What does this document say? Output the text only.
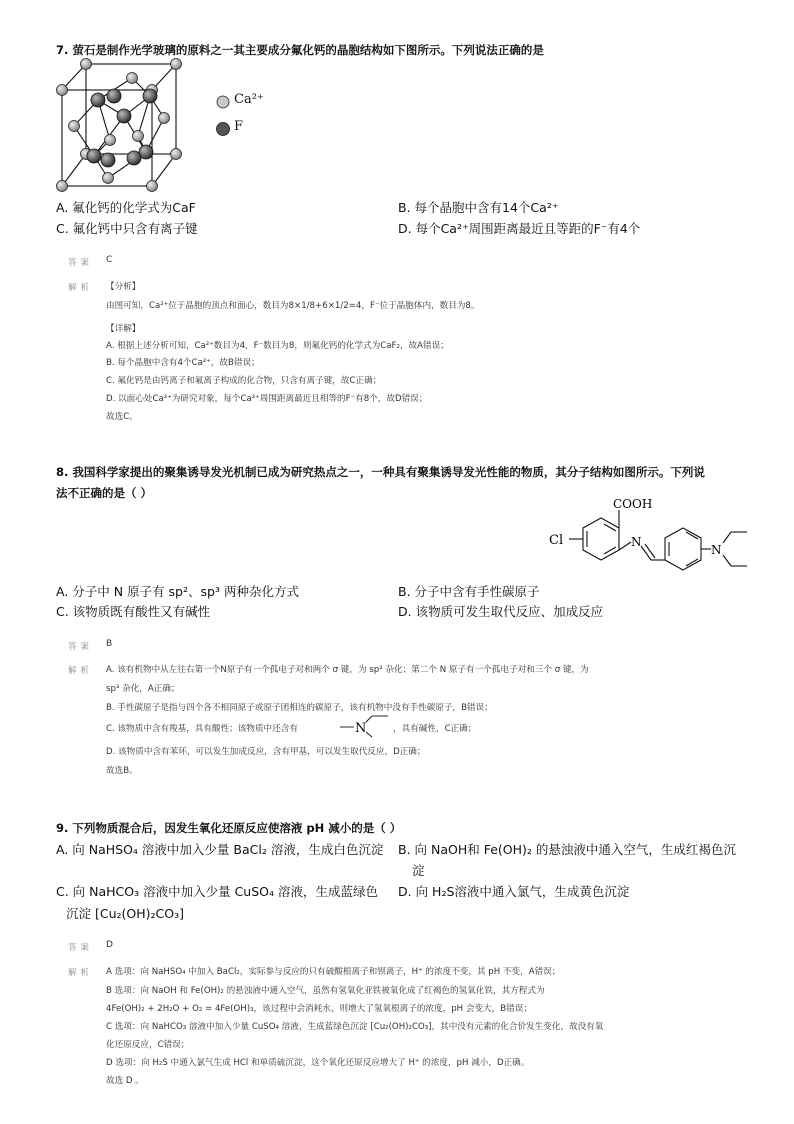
7. 萤石是制作光学玻璃的原料之一其主要成分氟化钙的晶胞结构如下图所示。下列说法正确的是
Ca²⁺
F
A. 氟化钙的化学式为CaF	B. 每个晶胞中含有14个Ca²⁺
C. 氟化钙中只含有离子键	D. 每个Ca²⁺周围距离最近且等距的F⁻有4个
答案 C
解析 【分析】
由图可知，Ca²⁺位于晶胞的顶点和面心，数目为8×1/8+6×1/2=4，F⁻位于晶胞体内，数目为8。
【详解】
A. 根据上述分析可知，Ca²⁺数目为4，F⁻数目为8，则氟化钙的化学式为CaF₂，故A错误；
B. 每个晶胞中含有4个Ca²⁺，故B错误；
C. 氟化钙是由钙离子和氟离子构成的化合物，只含有离子键，故C正确；
D. 以面心处Ca²⁺为研究对象，每个Ca²⁺周围距离最近且相等的F⁻有8个，故D错误；
故选C。
8. 我国科学家提出的聚集诱导发光机制已成为研究热点之一，一种具有聚集诱导发光性能的物质，其分子结构如图所示。下列说
法不正确的是（ ）
COOH
Cl	N
N
A. 分子中 N 原子有 sp²、sp³ 两种杂化方式	B. 分子中含有手性碳原子
C. 该物质既有酸性又有碱性	D. 该物质可发生取代反应、加成反应
答案 B
解析 A. 该有机物中从左往右第一个N原子有一个孤电子对和两个 σ 键，为 sp² 杂化；第二个 N 原子有一个孤电子对和三个 σ 键，为
sp³ 杂化，A正确；
B. 手性碳原子是指与四个各不相同原子或原子团相连的碳原子，该有机物中没有手性碳原子，B错误；
C. 该物质中含有羧基，具有酸性；该物质中还含有	N	，具有碱性，C正确；
D. 该物质中含有苯环，可以发生加成反应，含有甲基，可以发生取代反应，D正确；
故选B。
9. 下列物质混合后，因发生氧化还原反应使溶液 pH 减小的是（ ）
A. 向 NaHSO₄ 溶液中加入少量 BaCl₂ 溶液，生成白色沉淀 B. 向 NaOH和 Fe(OH)₂ 的悬浊液中通入空气，生成红褐色沉
淀
C. 向 NaHCO₃ 溶液中加入少量 CuSO₄ 溶液，生成蓝绿色 D. 向 H₂S溶液中通入氯气，生成黄色沉淀
沉淀 [Cu₂(OH)₂CO₃]
答案 D
解析 A 选项：向 NaHSO₄ 中加入 BaCl₂，实际参与反应的只有硫酸根离子和钡离子，H⁺ 的浓度不变，其 pH 不变，A错误；
B 选项：向 NaOH 和 Fe(OH)₂ 的悬浊液中通入空气，虽然有氢氧化亚铁被氧化成了红褐色的氢氧化铁，其方程式为
4Fe(OH)₂ + 2H₂O + O₂ = 4Fe(OH)₃，该过程中会消耗水，则增大了氢氧根离子的浓度，pH 会变大，B错误；
C 选项：向 NaHCO₃ 溶液中加入少量 CuSO₄ 溶液，生成蓝绿色沉淀 [Cu₂(OH)₂CO₃]，其中没有元素的化合价发生变化，故没有氧
化还原反应，C错误；
D 选项：向 H₂S 中通入氯气生成 HCl 和单质硫沉淀，这个氧化还原反应增大了 H⁺ 的浓度，pH 减小，D正确。
故选 D 。
